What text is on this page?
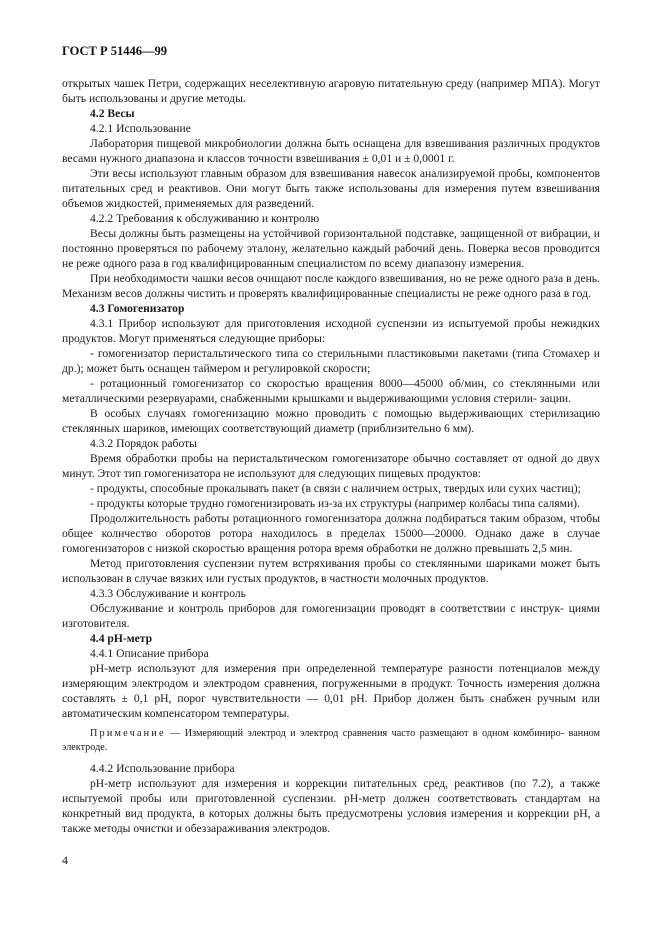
ГОСТ Р 51446—99

открытых чашек Петри, содержащих неселективную агаровую питательную среду (например МПА). Могут быть использованы и другие методы.

4.2 Весы

4.2.1 Использование

Лаборатория пищевой микробиологии должна быть оснащена для взвешивания различных продуктов весами нужного диапазона и классов точности взвешивания ± 0,01 и ± 0,0001 г.

Эти весы используют главным образом для взвешивания навесок анализируемой пробы, компонентов питательных сред и реактивов. Они могут быть также использованы для измерения путем взвешивания объемов жидкостей, применяемых для разведений.

4.2.2 Требования к обслуживанию и контролю

Весы должны быть размещены на устойчивой горизонтальной подставке, защищенной от вибрации, и постоянно проверяться по рабочему эталону, желательно каждый рабочий день. Поверка весов проводится не реже одного раза в год квалифицированным специалистом по всему диапазону измерения.

При необходимости чашки весов очищают после каждого взвешивания, но не реже одного раза в день. Механизм весов должны чистить и проверять квалифицированные специалисты не реже одного раза в год.

4.3 Гомогенизатор

4.3.1 Прибор используют для приготовления исходной суспензии из испытуемой пробы нежидких продуктов. Могут применяться следующие приборы:

- гомогенизатор перистальтического типа со стерильными пластиковыми пакетами (типа Стомахер и др.); может быть оснащен таймером и регулировкой скорости;

- ротационный гомогенизатор со скоростью вращения 8000—45000 об/мин, со стеклянными или металлическими резервуарами, снабженными крышками и выдерживающими условия стерили- зации.

В особых случаях гомогенизацию можно проводить с помощью выдерживающих стерилизацию стеклянных шариков, имеющих соответствующий диаметр (приблизительно 6 мм).

4.3.2 Порядок работы

Время обработки пробы на перистальтическом гомогенизаторе обычно составляет от одной до двух минут. Этот тип гомогенизатора не используют для следующих пищевых продуктов:

- продукты, способные прокалывать пакет (в связи с наличием острых, твердых или сухих частиц);

- продукты которые трудно гомогенизировать из-за их структуры (например колбасы типа салями).

Продолжительность работы ротационного гомогенизатора должна подбираться таким образом, чтобы общее количество оборотов ротора находилось в пределах 15000—20000. Однако даже в случае гомогенизаторов с низкой скоростью вращения ротора время обработки не должно превышать 2,5 мин.

Метод приготовления суспензии путем встряхивания пробы со стеклянными шариками может быть использован в случае вязких или густых продуктов, в частности молочных продуктов.

4.3.3 Обслуживание и контроль

Обслуживание и контроль приборов для гомогенизации проводят в соответствии с инструк- циями изготовителя.

4.4 рН-метр

4.4.1 Описание прибора

рН-метр используют для измерения при определенной температуре разности потенциалов между измеряющим электродом и электродом сравнения, погруженными в продукт. Точность измерения должна составлять ± 0,1 рН, порог чувствительности — 0,01 рН. Прибор должен быть снабжен ручным или автоматическим компенсатором температуры.

Примечание — Измеряющий электрод и электрод сравнения часто размещают в одном комбиниро- ванном электроде.

4.4.2 Использование прибора

рН-метр используют для измерения и коррекции питательных сред, реактивов (по 7.2), а также испытуемой пробы или приготовленной суспензии. рН-метр должен соответствовать стандартам на конкретный вид продукта, в которых должны быть предусмотрены условия измерения и коррекции рН, а также методы очистки и обеззараживания электродов.

4
